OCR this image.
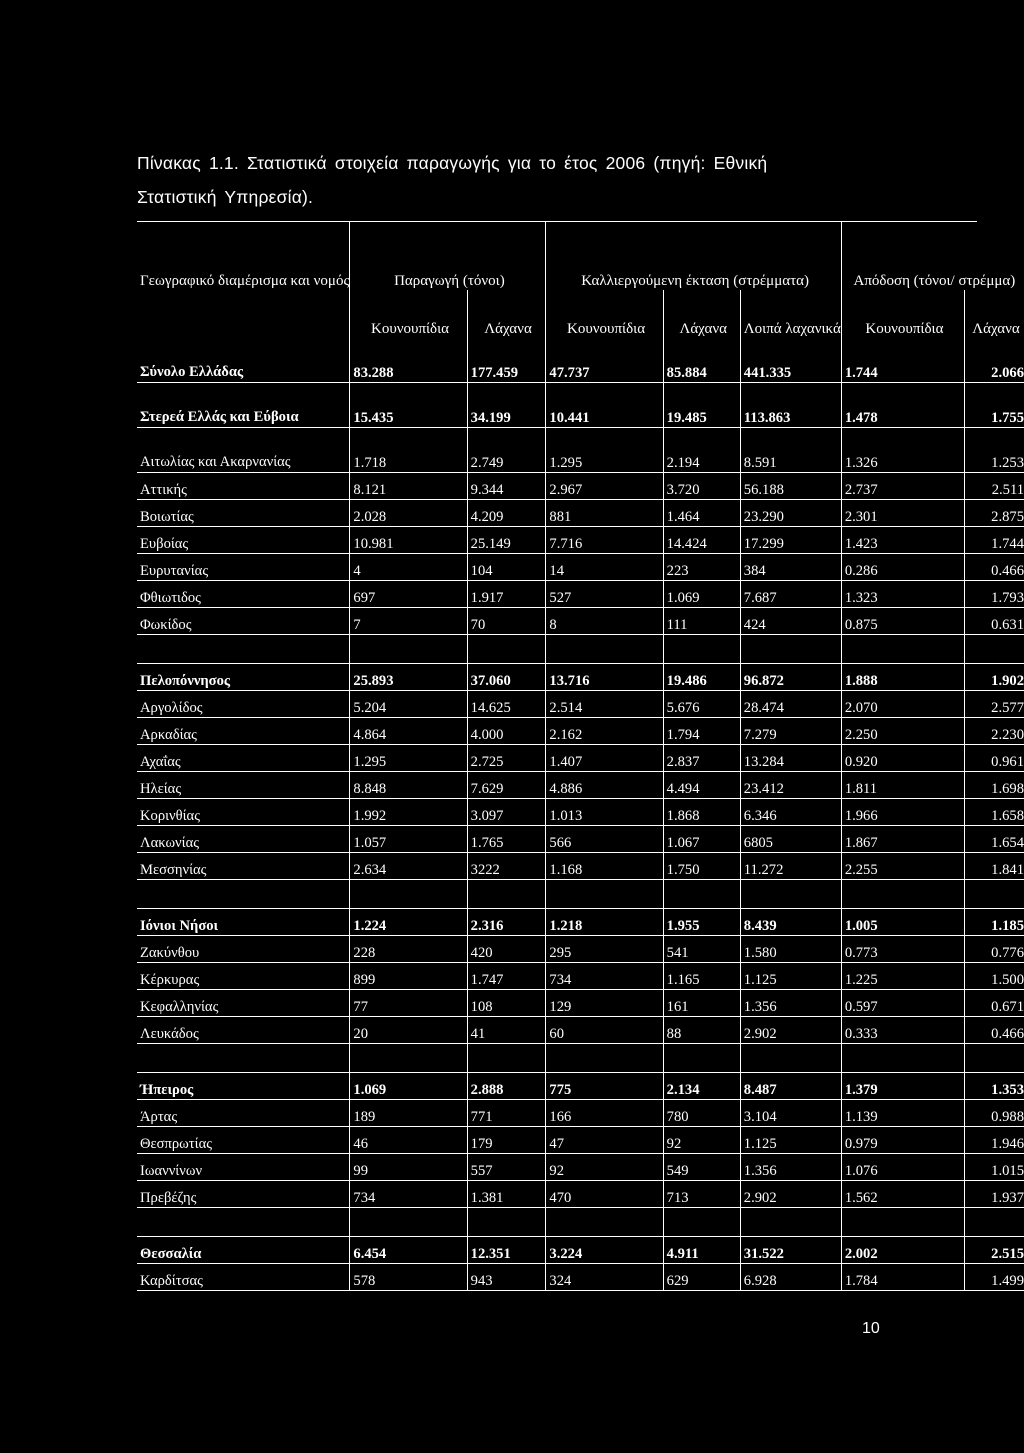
Πίνακας 1.1. Στατιστικά στοιχεία παραγωγής για το έτος 2006 (πηγή: Εθνική
Στατιστική Υπηρεσία).
Γεωγραφικό διαμέρισμα και νομός	Παραγωγή (τόνοι)		Καλλιεργούμενη έκταση (στρέμματα)			Απόδοση (τόνοι/ στρέμμα)	
	Κουνουπίδια	Λάχανα	Κουνουπίδια	Λάχανα	Λοιπά λαχανικά	Κουνουπίδια	Λάχανα
Σύνολο Ελλάδας	83.288	177.459	47.737	85.884	441.335	1.744	2.066
Στερεά Ελλάς και Εύβοια	15.435	34.199	10.441	19.485	113.863	1.478	1.755
Αιτωλίας και Ακαρνανίας	1.718	2.749	1.295	2.194	8.591	1.326	1.253
Αττικής	8.121	9.344	2.967	3.720	56.188	2.737	2.511
Βοιωτίας	2.028	4.209	881	1.464	23.290	2.301	2.875
Ευβοίας	10.981	25.149	7.716	14.424	17.299	1.423	1.744
Ευρυτανίας	4	104	14	223	384	0.286	0.466
Φθιωτιδος	697	1.917	527	1.069	7.687	1.323	1.793
Φωκίδος	7	70	8	111	424	0.875	0.631

Πελοπόννησος	25.893	37.060	13.716	19.486	96.872	1.888	1.902
Αργολίδος	5.204	14.625	2.514	5.676	28.474	2.070	2.577
Αρκαδίας	4.864	4.000	2.162	1.794	7.279	2.250	2.230
Αχαΐας	1.295	2.725	1.407	2.837	13.284	0.920	0.961
Ηλείας	8.848	7.629	4.886	4.494	23.412	1.811	1.698
Κορινθίας	1.992	3.097	1.013	1.868	6.346	1.966	1.658
Λακωνίας	1.057	1.765	566	1.067	6805	1.867	1.654
Μεσσηνίας	2.634	3222	1.168	1.750	11.272	2.255	1.841

Ιόνιοι Νήσοι	1.224	2.316	1.218	1.955	8.439	1.005	1.185
Ζακύνθου	228	420	295	541	1.580	0.773	0.776
Κέρκυρας	899	1.747	734	1.165	1.125	1.225	1.500
Κεφαλληνίας	77	108	129	161	1.356	0.597	0.671
Λευκάδος	20	41	60	88	2.902	0.333	0.466

Ήπειρος	1.069	2.888	775	2.134	8.487	1.379	1.353
Άρτας	189	771	166	780	3.104	1.139	0.988
Θεσπρωτίας	46	179	47	92	1.125	0.979	1.946
Ιωαννίνων	99	557	92	549	1.356	1.076	1.015
Πρεβέζης	734	1.381	470	713	2.902	1.562	1.937

Θεσσαλία	6.454	12.351	3.224	4.911	31.522	2.002	2.515
Καρδίτσας	578	943	324	629	6.928	1.784	1.499
10
